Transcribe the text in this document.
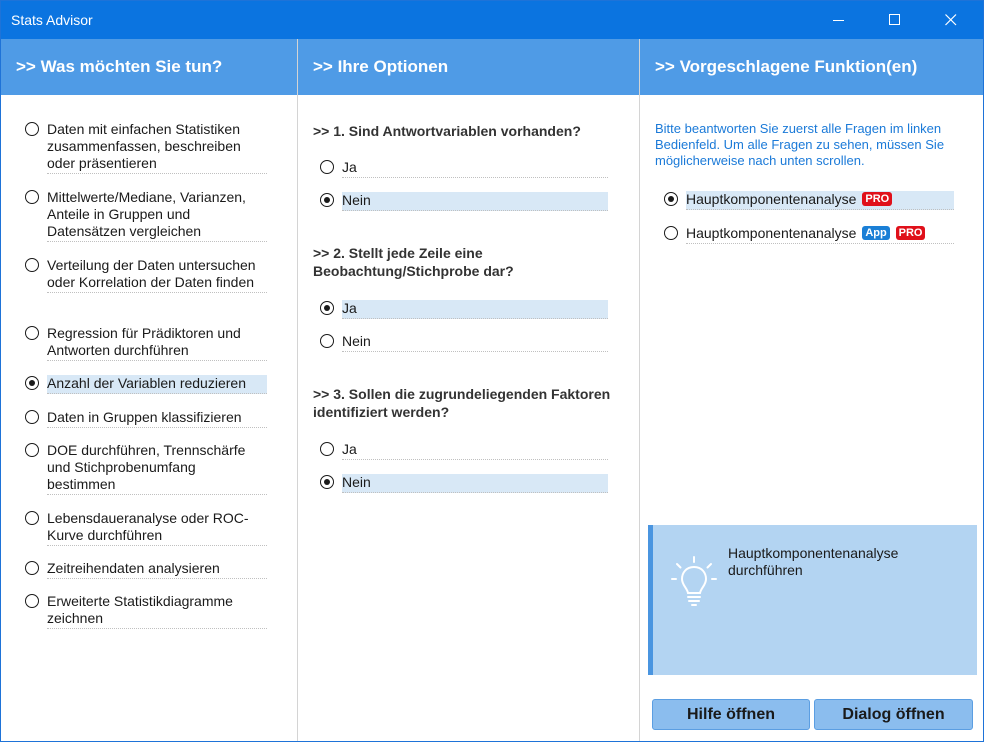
Stats Advisor
>> Was möchten Sie tun?
Daten mit einfachen Statistiken zusammenfassen, beschreiben oder präsentieren
Mittelwerte/Mediane, Varianzen, Anteile in Gruppen und Datensätzen vergleichen
Verteilung der Daten untersuchen oder Korrelation der Daten finden
Regression für Prädiktoren und Antworten durchführen
Anzahl der Variablen reduzieren
Daten in Gruppen klassifizieren
DOE durchführen, Trennschärfe und Stichprobenumfang bestimmen
Lebensdaueranalyse oder ROC-Kurve durchführen
Zeitreihendaten analysieren
Erweiterte Statistikdiagramme zeichnen
>> Ihre Optionen
>> 1. Sind Antwortvariablen vorhanden?
Ja
Nein
>> 2. Stellt jede Zeile eine Beobachtung/Stichprobe dar?
Ja
Nein
>> 3. Sollen die zugrundeliegenden Faktoren identifiziert werden?
Ja
Nein
>> Vorgeschlagene Funktion(en)
Bitte beantworten Sie zuerst alle Fragen im linken Bedienfeld. Um alle Fragen zu sehen, müssen Sie möglicherweise nach unten scrollen.
Hauptkomponentenanalyse PRO
Hauptkomponentenanalyse App PRO
Hauptkomponentenanalyse durchführen
Hilfe öffnen	Dialog öffnen
